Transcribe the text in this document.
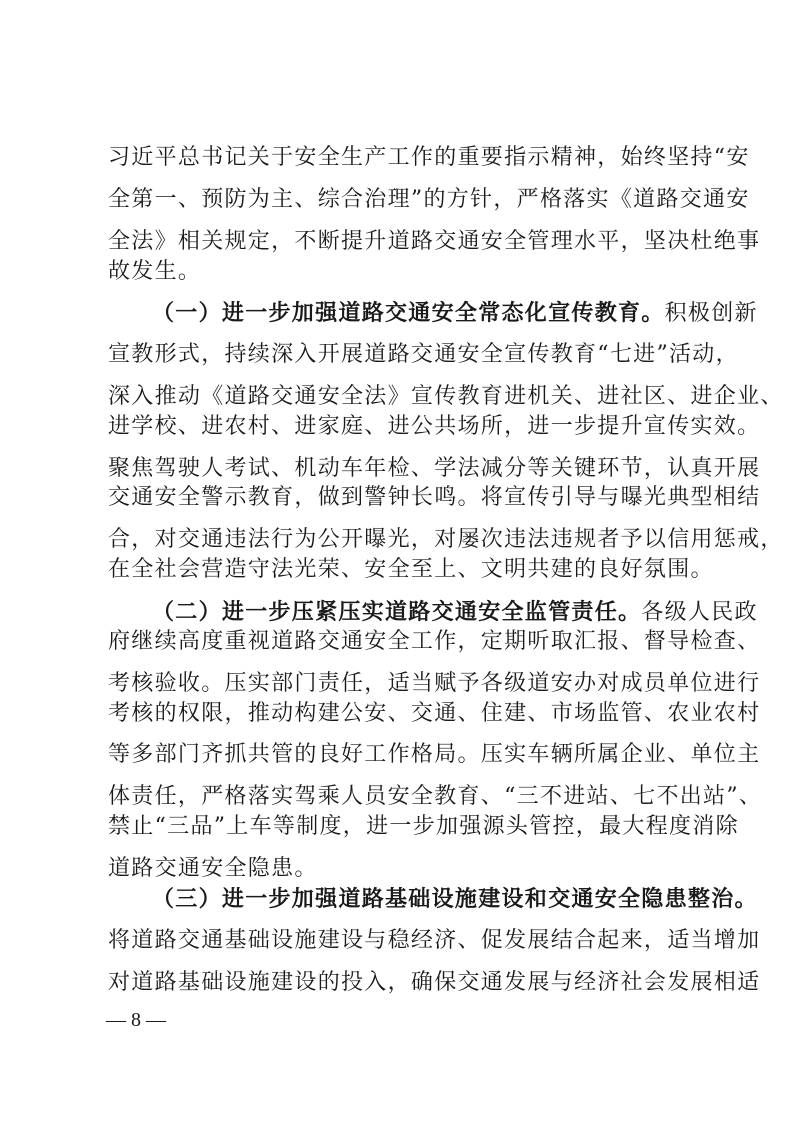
习近平总书记关于安全生产工作的重要指示精神，始终坚持“安
全第一、预防为主、综合治理”的方针，严格落实《道路交通安
全法》相关规定，不断提升道路交通安全管理水平，坚决杜绝事
故发生。
（一）进一步加强道路交通安全常态化宣传教育。积极创新
宣教形式，持续深入开展道路交通安全宣传教育“七进”活动，
深入推动《道路交通安全法》宣传教育进机关、进社区、进企业、
进学校、进农村、进家庭、进公共场所，进一步提升宣传实效。
聚焦驾驶人考试、机动车年检、学法减分等关键环节，认真开展
交通安全警示教育，做到警钟长鸣。将宣传引导与曝光典型相结
合，对交通违法行为公开曝光，对屡次违法违规者予以信用惩戒，
在全社会营造守法光荣、安全至上、文明共建的良好氛围。
（二）进一步压紧压实道路交通安全监管责任。各级人民政
府继续高度重视道路交通安全工作，定期听取汇报、督导检查、
考核验收。压实部门责任，适当赋予各级道安办对成员单位进行
考核的权限，推动构建公安、交通、住建、市场监管、农业农村
等多部门齐抓共管的良好工作格局。压实车辆所属企业、单位主
体责任，严格落实驾乘人员安全教育、“三不进站、七不出站”、
禁止“三品”上车等制度，进一步加强源头管控，最大程度消除
道路交通安全隐患。
（三）进一步加强道路基础设施建设和交通安全隐患整治。
将道路交通基础设施建设与稳经济、促发展结合起来，适当增加
对道路基础设施建设的投入，确保交通发展与经济社会发展相适
— 8 —
